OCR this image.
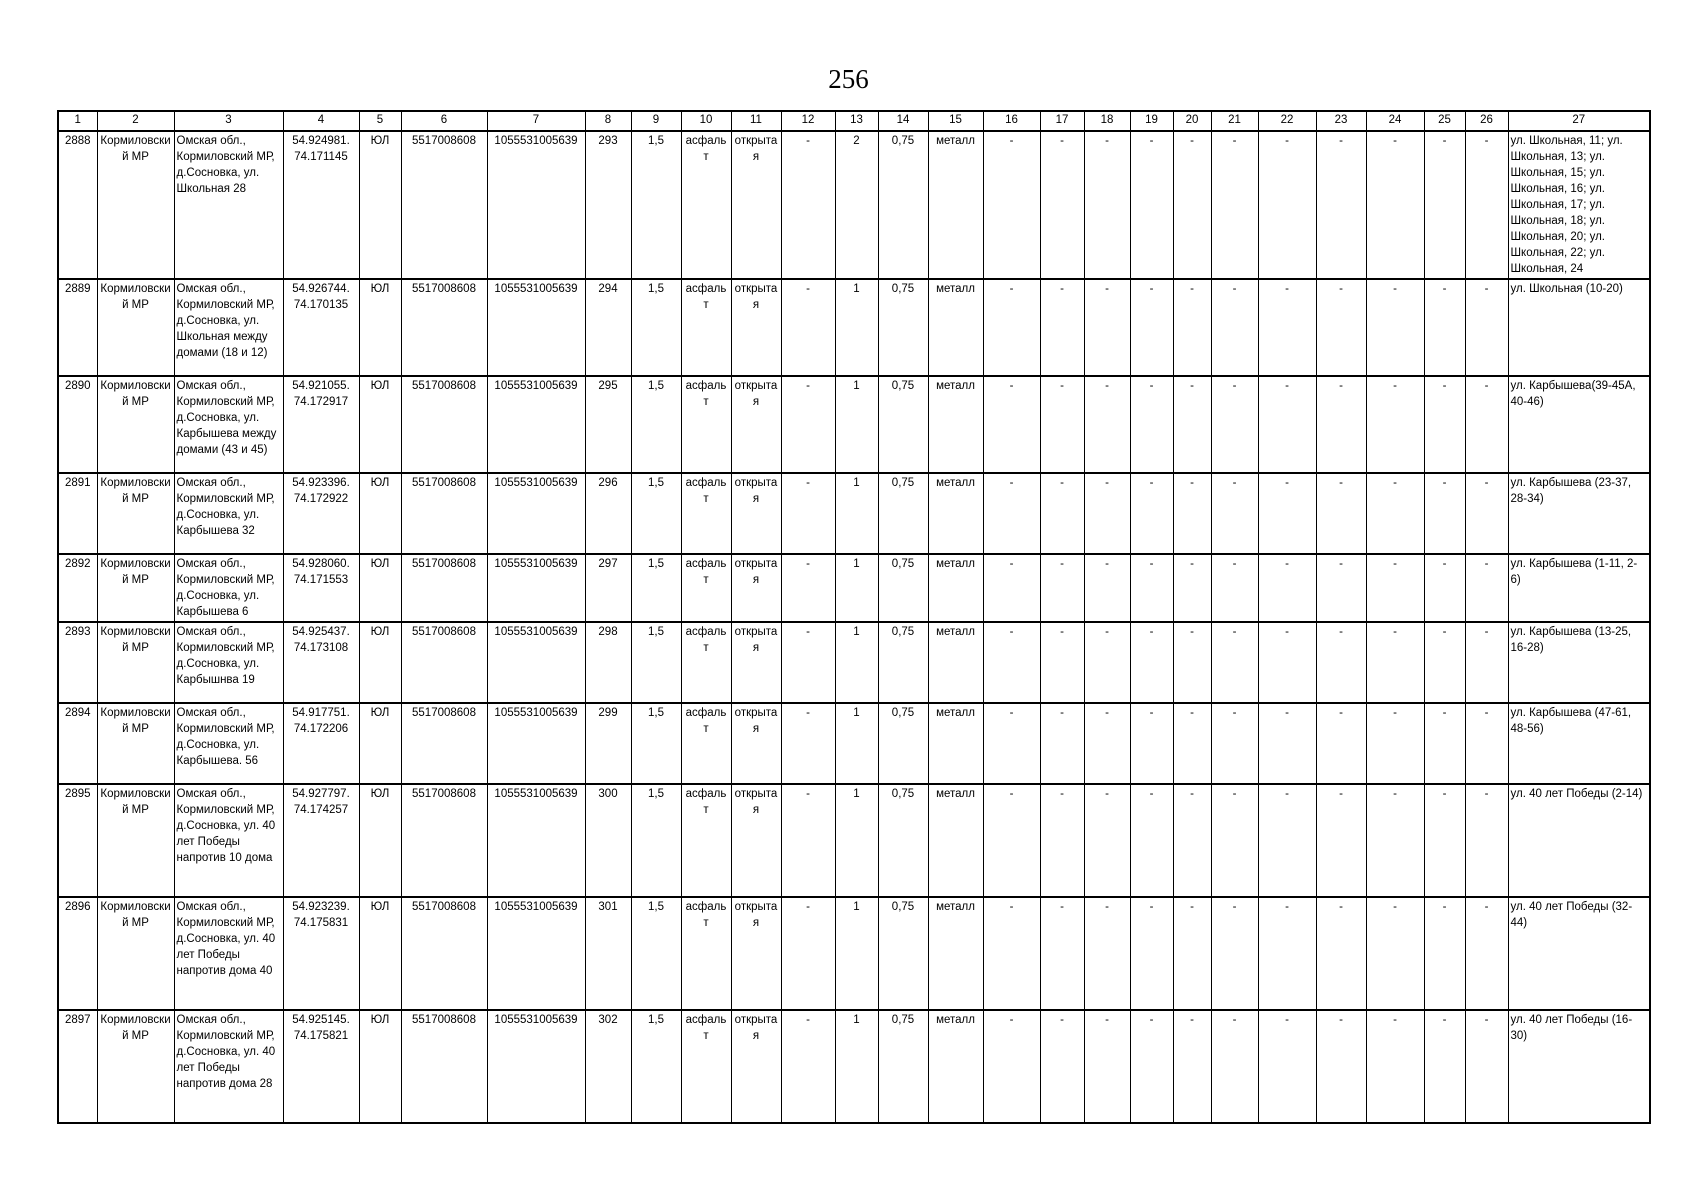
256
1	2	3	4	5	6	7	8	9	10	11	12	13	14	15	16	17	18	19	20	21	22	23	24	25	26	27
2888	Кормиловский МР	Омская обл., Кормиловский МР, д.Сосновка, ул. Школьная 28	54.924981. 74.171145	ЮЛ	5517008608	1055531005639	293	1,5	асфальт	открытая	-	2	0,75	металл	-	-	-	-	-	-	-	-	-	-	-	ул. Школьная, 11; ул. Школьная, 13; ул. Школьная, 15; ул. Школьная, 16; ул. Школьная, 17; ул. Школьная, 18; ул. Школьная, 20; ул. Школьная, 22; ул. Школьная, 24
2889	Кормиловский МР	Омская обл., Кормиловский МР, д.Сосновка, ул. Школьная между домами (18 и 12)	54.926744. 74.170135	ЮЛ	5517008608	1055531005639	294	1,5	асфальт	открытая	-	1	0,75	металл	-	-	-	-	-	-	-	-	-	-	-	ул. Школьная (10-20)
2890	Кормиловский МР	Омская обл., Кормиловский МР, д.Сосновка, ул. Карбышева между домами (43 и 45)	54.921055. 74.172917	ЮЛ	5517008608	1055531005639	295	1,5	асфальт	открытая	-	1	0,75	металл	-	-	-	-	-	-	-	-	-	-	-	ул. Карбышева(39-45А, 40-46)
2891	Кормиловский МР	Омская обл., Кормиловский МР, д.Сосновка, ул. Карбышева 32	54.923396. 74.172922	ЮЛ	5517008608	1055531005639	296	1,5	асфальт	открытая	-	1	0,75	металл	-	-	-	-	-	-	-	-	-	-	-	ул. Карбышева (23-37, 28-34)
2892	Кормиловский МР	Омская обл., Кормиловский МР, д.Сосновка, ул. Карбышева 6	54.928060. 74.171553	ЮЛ	5517008608	1055531005639	297	1,5	асфальт	открытая	-	1	0,75	металл	-	-	-	-	-	-	-	-	-	-	-	ул. Карбышева (1-11, 2-6)
2893	Кормиловский МР	Омская обл., Кормиловский МР, д.Сосновка, ул. Карбышнва 19	54.925437. 74.173108	ЮЛ	5517008608	1055531005639	298	1,5	асфальт	открытая	-	1	0,75	металл	-	-	-	-	-	-	-	-	-	-	-	ул. Карбышева (13-25, 16-28)
2894	Кормиловский МР	Омская обл., Кормиловский МР, д.Сосновка, ул. Карбышева. 56	54.917751. 74.172206	ЮЛ	5517008608	1055531005639	299	1,5	асфальт	открытая	-	1	0,75	металл	-	-	-	-	-	-	-	-	-	-	-	ул. Карбышева (47-61, 48-56)
2895	Кормиловский МР	Омская обл., Кормиловский МР, д.Сосновка, ул. 40 лет Победы напротив 10 дома	54.927797. 74.174257	ЮЛ	5517008608	1055531005639	300	1,5	асфальт	открытая	-	1	0,75	металл	-	-	-	-	-	-	-	-	-	-	-	ул. 40 лет Победы (2-14)
2896	Кормиловский МР	Омская обл., Кормиловский МР, д.Сосновка, ул. 40 лет Победы напротив дома 40	54.923239. 74.175831	ЮЛ	5517008608	1055531005639	301	1,5	асфальт	открытая	-	1	0,75	металл	-	-	-	-	-	-	-	-	-	-	-	ул. 40 лет Победы (32-44)
2897	Кормиловский МР	Омская обл., Кормиловский МР, д.Сосновка, ул. 40 лет Победы напротив дома 28	54.925145. 74.175821	ЮЛ	5517008608	1055531005639	302	1,5	асфальт	открытая	-	1	0,75	металл	-	-	-	-	-	-	-	-	-	-	-	ул. 40 лет Победы (16-30)
